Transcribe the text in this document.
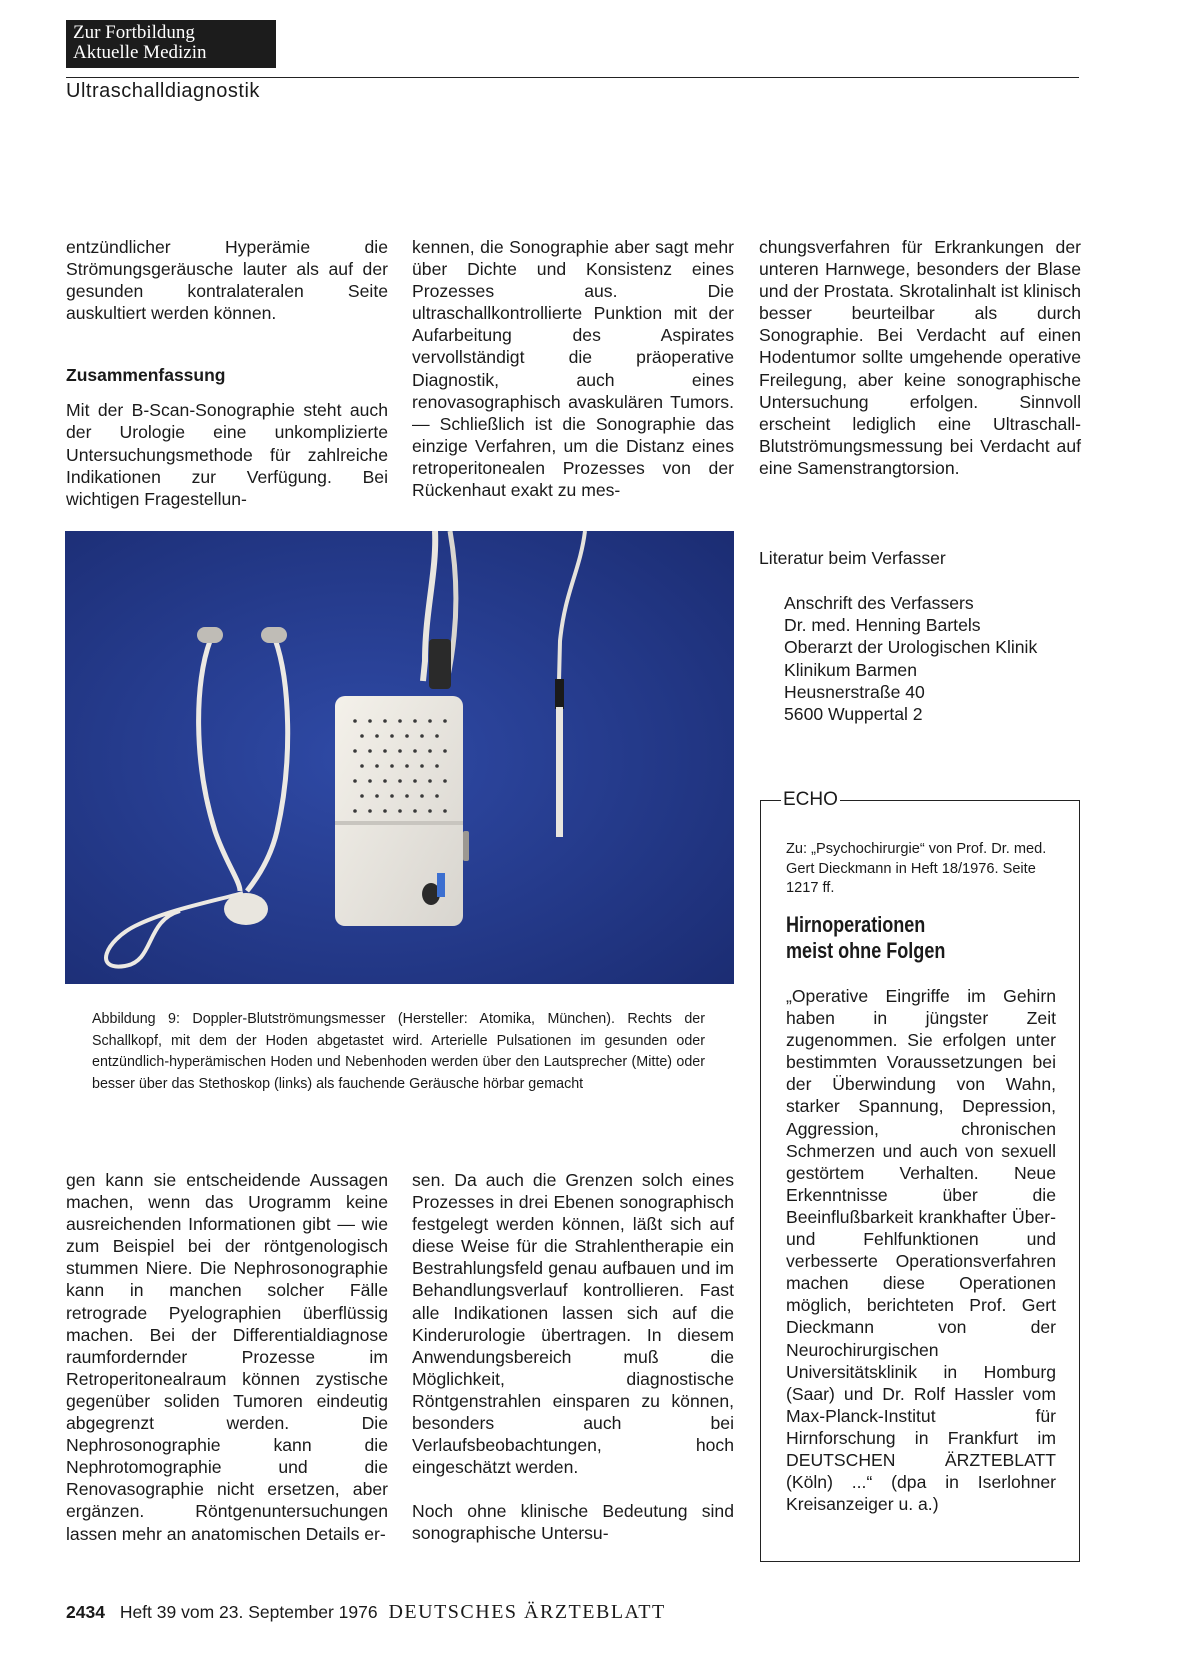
Zur Fortbildung
Aktuelle Medizin
Ultraschalldiagnostik

entzündlicher Hyperämie die Strömungsgeräusche lauter als auf der gesunden kontralateralen Seite auskultiert werden können.

Zusammenfassung

Mit der B-Scan-Sonographie steht auch der Urologie eine unkomplizierte Untersuchungsmethode für zahlreiche Indikationen zur Verfügung. Bei wichtigen Fragestellun-

kennen, die Sonographie aber sagt mehr über Dichte und Konsistenz eines Prozesses aus. Die ultraschallkontrollierte Punktion mit der Aufarbeitung des Aspirates vervollständigt die präoperative Diagnostik, auch eines renovasographisch avaskulären Tumors. — Schließlich ist die Sonographie das einzige Verfahren, um die Distanz eines retroperitonealen Prozesses von der Rückenhaut exakt zu mes-

chungsverfahren für Erkrankungen der unteren Harnwege, besonders der Blase und der Prostata. Skrotalinhalt ist klinisch besser beurteilbar als durch Sonographie. Bei Verdacht auf einen Hodentumor sollte umgehende operative Freilegung, aber keine sonographische Untersuchung erfolgen. Sinnvoll erscheint lediglich eine Ultraschall-Blutströmungsmessung bei Verdacht auf eine Samenstrangtorsion.

Abbildung 9: Doppler-Blutströmungsmesser (Hersteller: Atomika, München). Rechts der Schallkopf, mit dem der Hoden abgetastet wird. Arterielle Pulsationen im gesunden oder entzündlich-hyperämischen Hoden und Nebenhoden werden über den Lautsprecher (Mitte) oder besser über das Stethoskop (links) als fauchende Geräusche hörbar gemacht
Literatur beim Verfasser
Anschrift des Verfassers
Dr. med. Henning Bartels
Oberarzt der Urologischen Klinik
Klinikum Barmen
Heusnerstraße 40
5600 Wuppertal 2
ECHO
Zu: „Psychochirurgie“ von Prof. Dr. med. Gert Dieckmann in Heft 18/1976. Seite 1217 ff.
Hirnoperationen
meist ohne Folgen

„Operative Eingriffe im Gehirn haben in jüngster Zeit zugenommen. Sie erfolgen unter bestimmten Voraussetzungen bei der Überwindung von Wahn, starker Spannung, Depression, Aggression, chronischen Schmerzen und auch von sexuell gestörtem Verhalten. Neue Erkenntnisse über die Beeinflußbarkeit krankhafter Über- und Fehlfunktionen und verbesserte Operationsverfahren machen diese Operationen möglich, berichteten Prof. Gert Dieckmann von der Neurochirurgischen Universitätsklinik in Homburg (Saar) und Dr. Rolf Hassler vom Max-Planck-Institut für Hirnforschung in Frankfurt im DEUTSCHEN ÄRZTEBLATT (Köln) ...“ (dpa in Iserlohner Kreisanzeiger u. a.)

gen kann sie entscheidende Aussagen machen, wenn das Urogramm keine ausreichenden Informationen gibt — wie zum Beispiel bei der röntgenologisch stummen Niere. Die Nephrosonographie kann in manchen solcher Fälle retrograde Pyelographien überflüssig machen. Bei der Differentialdiagnose raumfordernder Prozesse im Retroperitonealraum können zystische gegenüber soliden Tumoren eindeutig abgegrenzt werden. Die Nephrosonographie kann die Nephrotomographie und die Renovasographie nicht ersetzen, aber ergänzen. Röntgenuntersuchungen lassen mehr an anatomischen Details er-

sen. Da auch die Grenzen solch eines Prozesses in drei Ebenen sonographisch festgelegt werden können, läßt sich auf diese Weise für die Strahlentherapie ein Bestrahlungsfeld genau aufbauen und im Behandlungsverlauf kontrollieren. Fast alle Indikationen lassen sich auf die Kinderurologie übertragen. In diesem Anwendungsbereich muß die Möglichkeit, diagnostische Röntgenstrahlen einsparen zu können, besonders auch bei Verlaufsbeobachtungen, hoch eingeschätzt werden.

Noch ohne klinische Bedeutung sind sonographische Untersu-

2434 Heft 39 vom 23. September 1976 DEUTSCHES ÄRZTEBLATT
